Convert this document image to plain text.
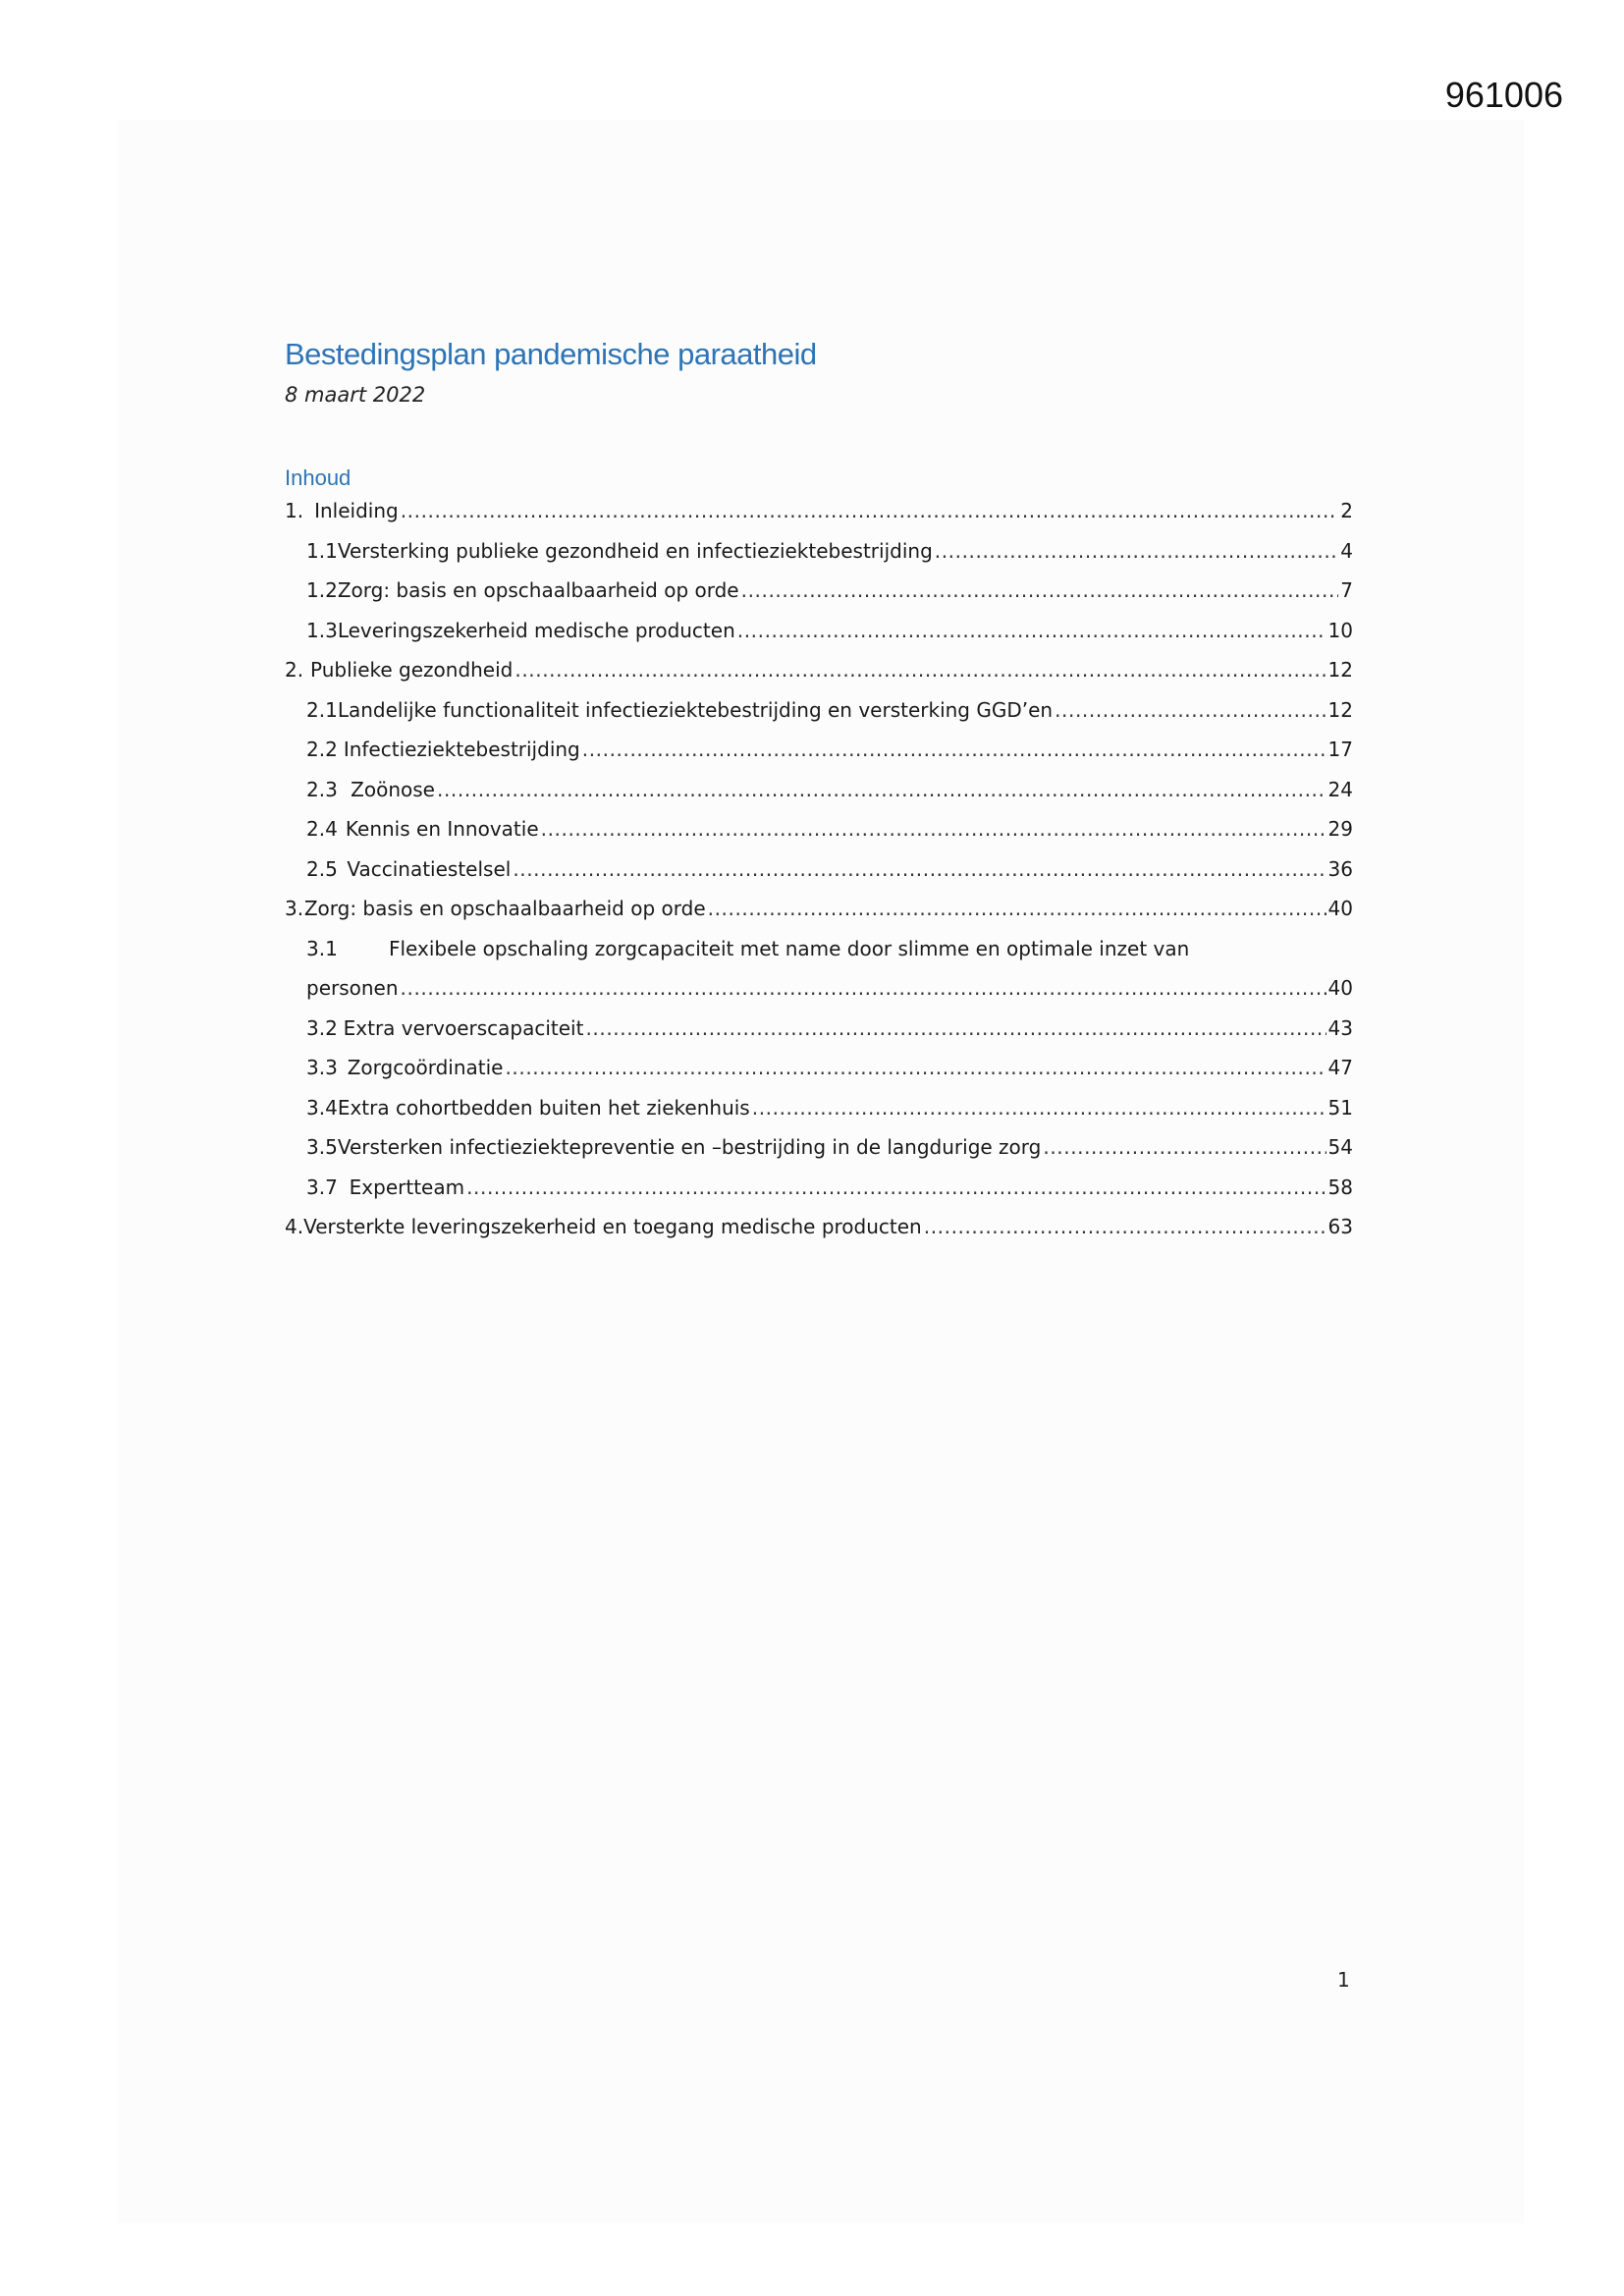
961006
Bestedingsplan pandemische paraatheid
8 maart 2022
Inhoud
1. Inleiding .....	2
1.1 Versterking publieke gezondheid en infectieziektebestrijding .....	4
1.2 Zorg: basis en opschaalbaarheid op orde .....	7
1.3 Leveringszekerheid medische producten .....	10
2. Publieke gezondheid .....	12
2.1 Landelijke functionaliteit infectieziektebestrijding en versterking GGD’en .....	12
2.2 Infectieziektebestrijding .....	17
2.3 Zoönose .....	24
2.4 Kennis en Innovatie .....	29
2.5 Vaccinatiestelsel .....	36
3. Zorg: basis en opschaalbaarheid op orde .....	40
3.1	Flexibele opschaling zorgcapaciteit met name door slimme en optimale inzet van
personen .....	40
3.2 Extra vervoerscapaciteit .....	43
3.3 Zorgcoördinatie .....	47
3.4 Extra cohortbedden buiten het ziekenhuis .....	51
3.5 Versterken infectieziektepreventie en –bestrijding in de langdurige zorg .....	54
3.7 Expertteam .....	58
4. Versterkte leveringszekerheid en toegang medische producten .....	63
1
